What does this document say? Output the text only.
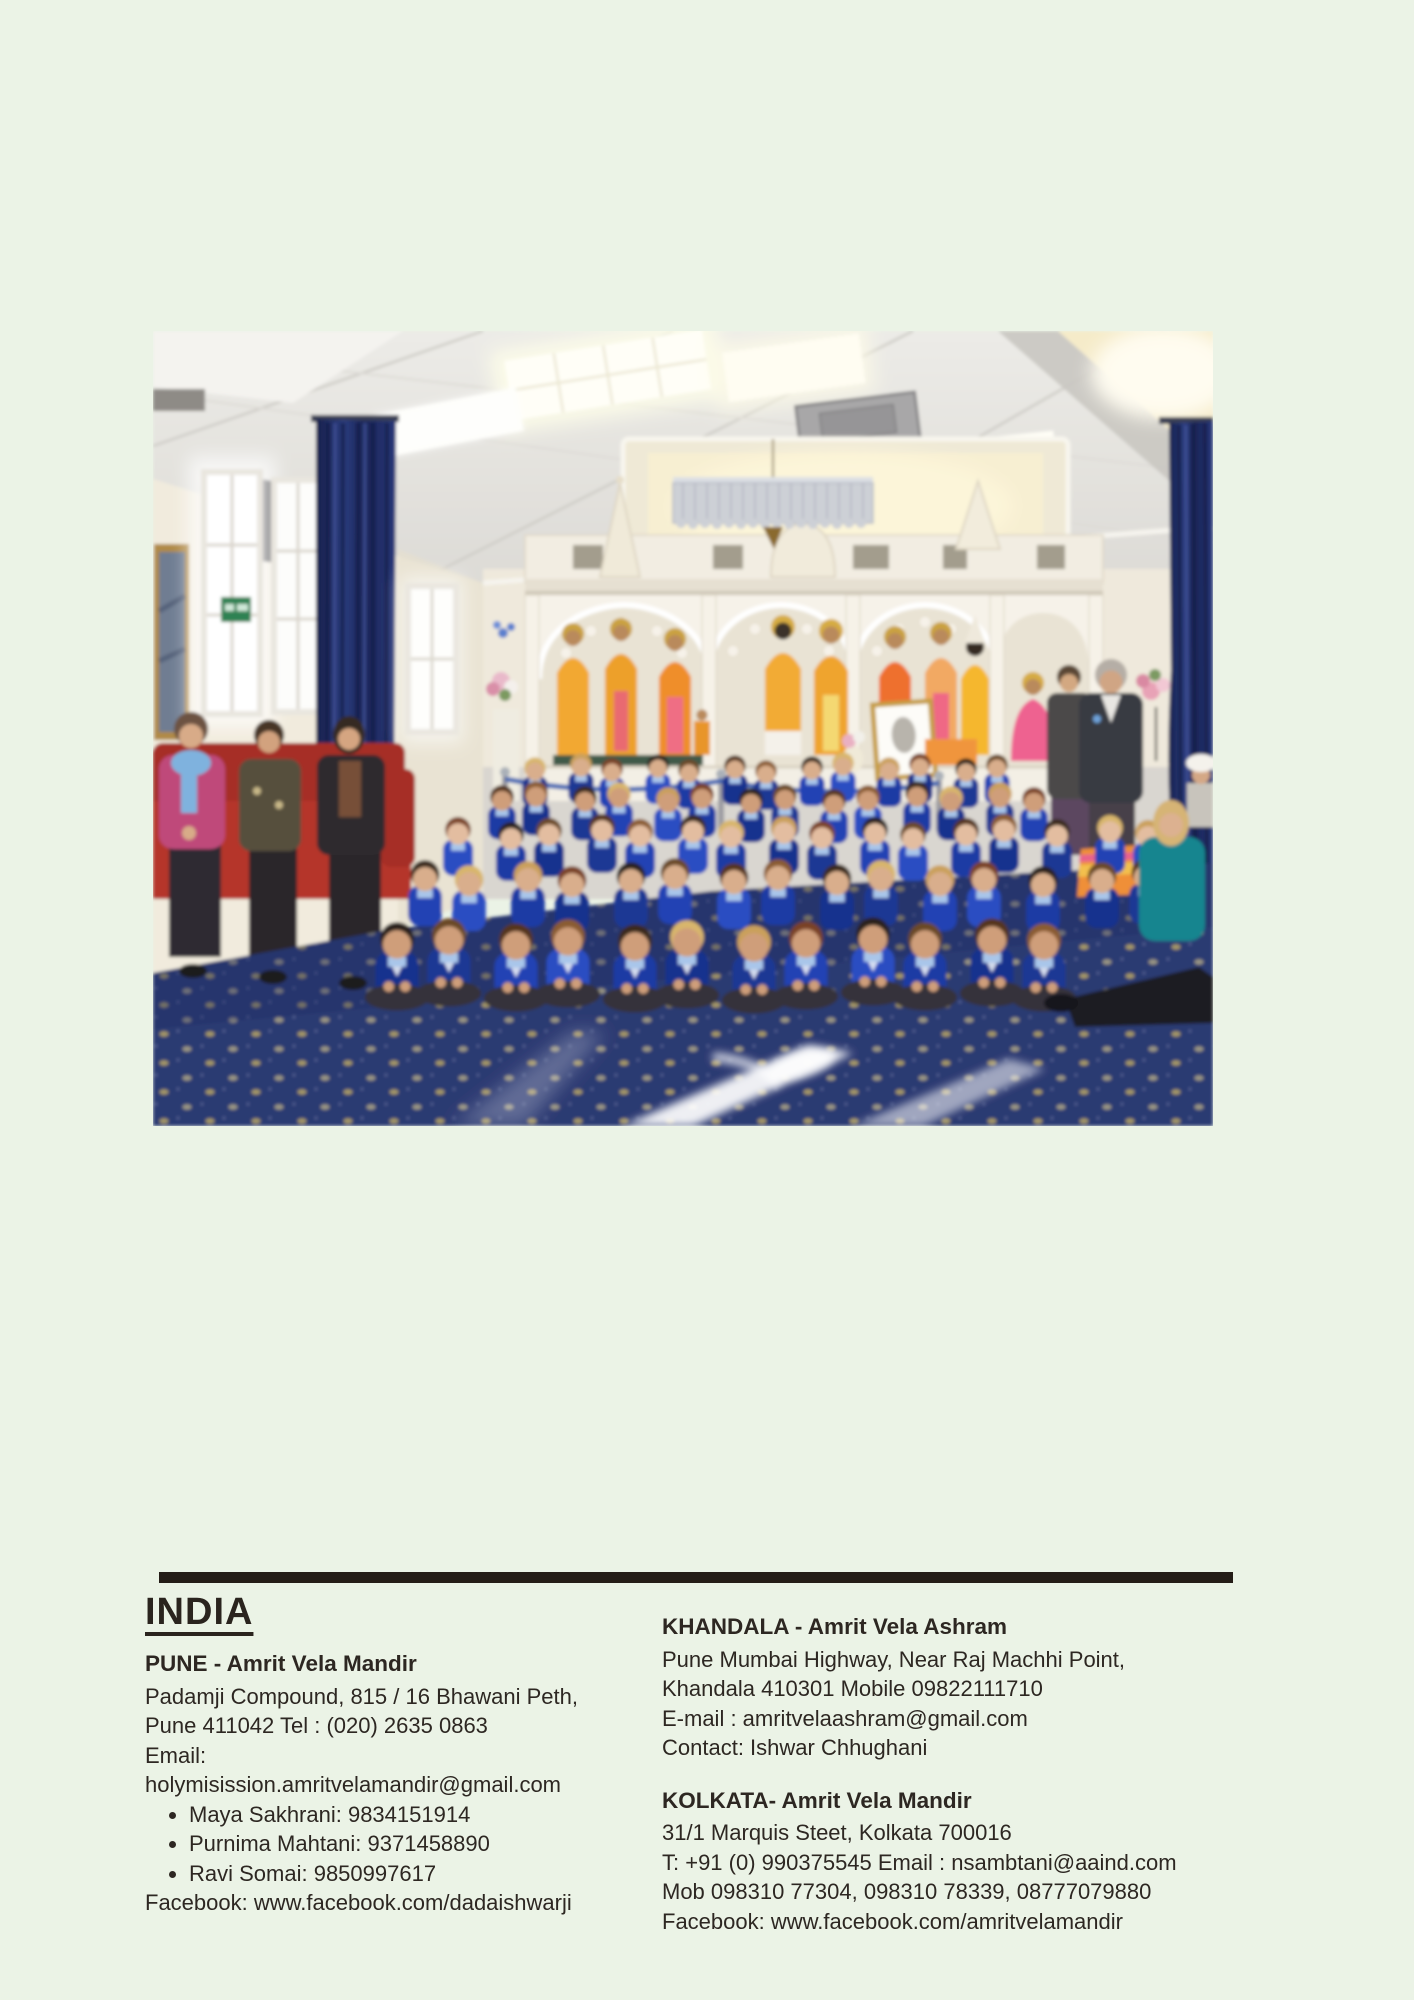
INDIA
PUNE - Amrit Vela Mandir
Padamji Compound, 815 / 16 Bhawani Peth,
Pune 411042 Tel : (020) 2635 0863
Email:
holymisission.amritvelamandir@gmail.com
• Maya Sakhrani: 9834151914
• Purnima Mahtani: 9371458890
• Ravi Somai: 9850997617
Facebook: www.facebook.com/dadaishwarji
KHANDALA - Amrit Vela Ashram
Pune Mumbai Highway, Near Raj Machhi Point,
Khandala 410301 Mobile 09822111710
E-mail : amritvelaashram@gmail.com
Contact: Ishwar Chhughani
KOLKATA- Amrit Vela Mandir
31/1 Marquis Steet, Kolkata 700016
T: +91 (0) 990375545 Email : nsambtani@aaind.com
Mob 098310 77304, 098310 78339, 08777079880
Facebook: www.facebook.com/amritvelamandir
